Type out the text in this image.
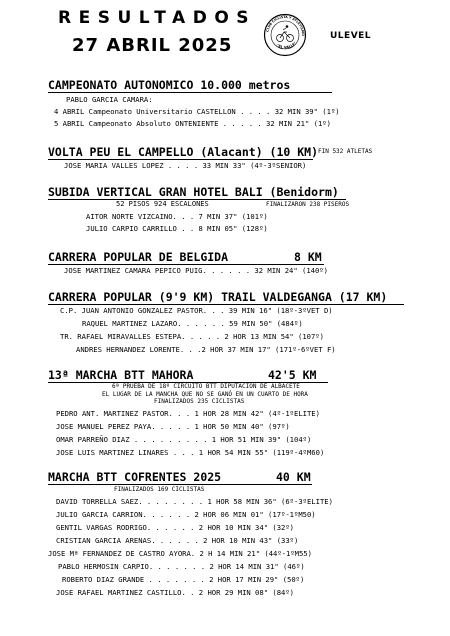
RESULTADOS
27 ABRIL 2025
CLUB CICLISTA Y ATLETISMO
"EL VALLE"
ULEVEL
CAMPEONATO AUTONOMICO 10.000 metros
PABLO GARCIA CAMARA:
4 ABRIL Campeonato Universitario CASTELLON . . . . 32 MIN 39" (1º)
5 ABRIL Campeonato Absoluto ONTENIENTE . . . . . 32 MIN 21" (1º)
VOLTA PEU EL CAMPELLO (Alacant) (10 KM) FIN 532 ATLETAS
JOSE MARIA VALLES LOPEZ . . . . 33 MIN 33" (4º-3ºSENIOR)
SUBIDA VERTICAL GRAN HOTEL BALI (Benidorm)
52 PISOS 924 ESCALONES	FINALIZARON 238 PISEROS
AITOR NORTE VIZCAINO. . . 7 MIN 37" (101º)
JULIO CARPIO CARRILLO . . 8 MIN 05" (128º)
CARRERA POPULAR DE BELGIDA	8 KM
JOSE MARTINEZ CAMARA PEPICO PUIG. . . . . . 32 MIN 24" (140º)
CARRERA POPULAR (9'9 KM) TRAIL VALDEGANGA (17 KM)
C.P. JUAN ANTONIO GONZALEZ PASTOR. . . 39 MIN 16" (18º-3ºVET D)
RAQUEL MARTINEZ LAZARO. . . . . . 59 MIN 50" (484º)
TR. RAFAEL MIRAVALLES ESTEPA. . . . . 2 HOR 13 MIN 54" (107º)
ANDRES HERNANDEZ LORENTE. . .2 HOR 37 MIN 17" (171º-6ºVET F)
13ª MARCHA BTT MAHORA	42'5 KM
6ª PRUEBA DE 18º CIRCUITO BTT DIPUTACION DE ALBACETE
EL LUGAR DE LA MANCHA QUE NO SE GANÓ EN UN CUARTO DE HORA
FINALIZADOS 235 CICLISTAS
PEDRO ANT. MARTINEZ PASTOR. . . 1 HOR 28 MIN 42" (4º-1ºELITE)
JOSE MANUEL PEREZ PAYA. . . . . 1 HOR 50 MIN 40" (97º)
OMAR PARREÑO DIAZ . . . . . . . . . 1 HOR 51 MIN 39" (104º)
JOSE LUIS MARTINEZ LINARES . . . 1 HOR 54 MIN 55" (119º-4ºM60)
MARCHA BTT COFRENTES 2025	40 KM
FINALIZADOS 169 CICLISTAS
DAVID TORRELLA SAEZ. . . . . . . . 1 HOR 58 MIN 36" (6º-3ºELITE)
JULIO GARCIA CARRION. . . . . . 2 HOR 06 MIN 01" (17º-1ºM50)
GENTIL VARGAS RODRIGO. . . . . . 2 HOR 10 MIN 34" (32º)
CRISTIAN GARCIA ARENAS. . . . . . 2 HOR 10 MIN 43" (33º)
JOSE Mª FERNANDEZ DE CASTRO AYORA. 2 H 14 MIN 21" (44º-1ºM55)
PABLO HERMOSIN CARPIO. . . . . . . 2 HOR 14 MIN 31" (46º)
ROBERTO DIAZ GRANDE . . . . . . . 2 HOR 17 MIN 29" (50º)
JOSE RAFAEL MARTINEZ CASTILLO. . 2 HOR 29 MIN 08" (84º)
